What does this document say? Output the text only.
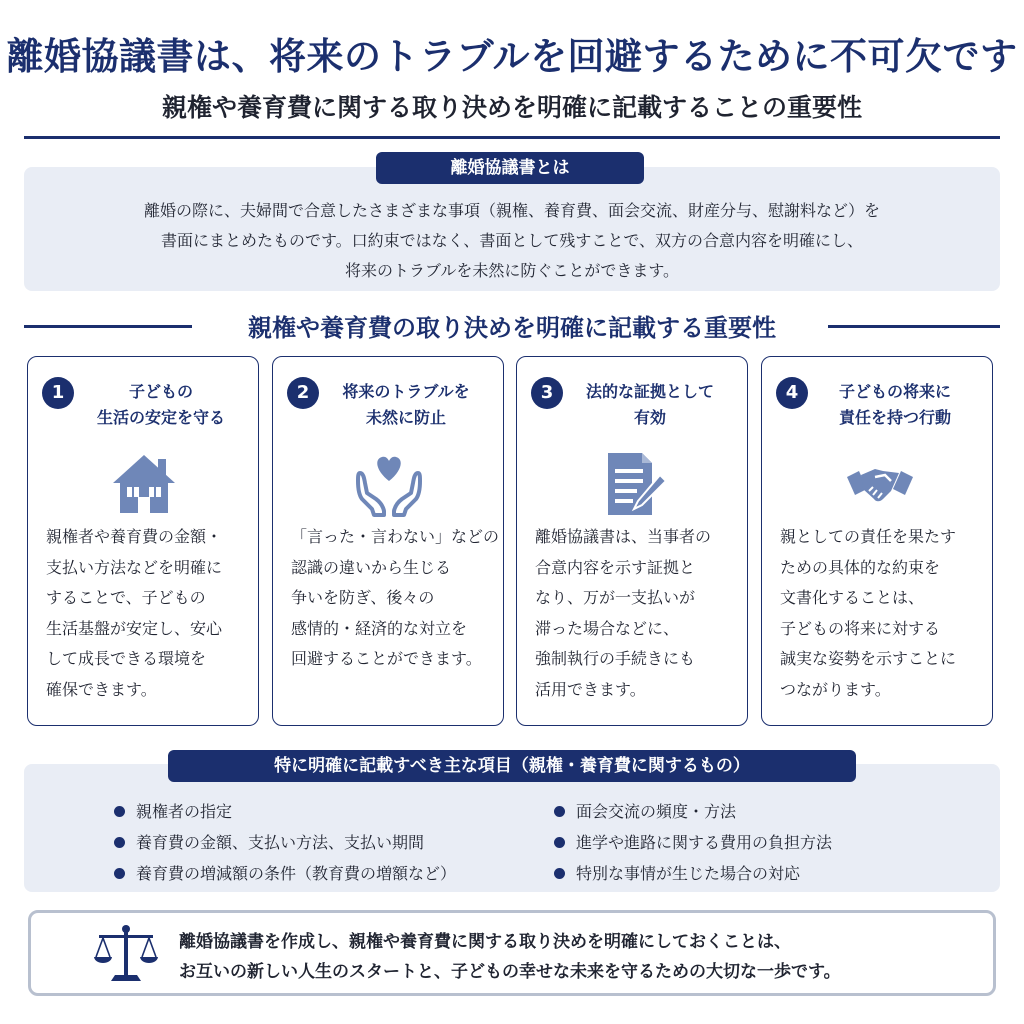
離婚協議書は、将来のトラブルを回避するために不可欠です
親権や養育費に関する取り決めを明確に記載することの重要性
離婚協議書とは
離婚の際に、夫婦間で合意したさまざまな事項（親権、養育費、面会交流、財産分与、慰謝料など）を
書面にまとめたものです。口約束ではなく、書面として残すことで、双方の合意内容を明確にし、
将来のトラブルを未然に防ぐことができます。
親権や養育費の取り決めを明確に記載する重要性
1	子どもの
生活の安定を守る
親権者や養育費の金額・
支払い方法などを明確に
することで、子どもの
生活基盤が安定し、安心
して成長できる環境を
確保できます。
2	将来のトラブルを
未然に防止
「言った・言わない」などの
認識の違いから生じる
争いを防ぎ、後々の
感情的・経済的な対立を
回避することができます。
3	法的な証拠として
有効
離婚協議書は、当事者の
合意内容を示す証拠と
なり、万が一支払いが
滞った場合などに、
強制執行の手続きにも
活用できます。
4	子どもの将来に
責任を持つ行動
親としての責任を果たす
ための具体的な約束を
文書化することは、
子どもの将来に対する
誠実な姿勢を示すことに
つながります。
特に明確に記載すべき主な項目（親権・養育費に関するもの）
親権者の指定
養育費の金額、支払い方法、支払い期間
養育費の増減額の条件（教育費の増額など）
面会交流の頻度・方法
進学や進路に関する費用の負担方法
特別な事情が生じた場合の対応
離婚協議書を作成し、親権や養育費に関する取り決めを明確にしておくことは、
お互いの新しい人生のスタートと、子どもの幸せな未来を守るための大切な一歩です。
